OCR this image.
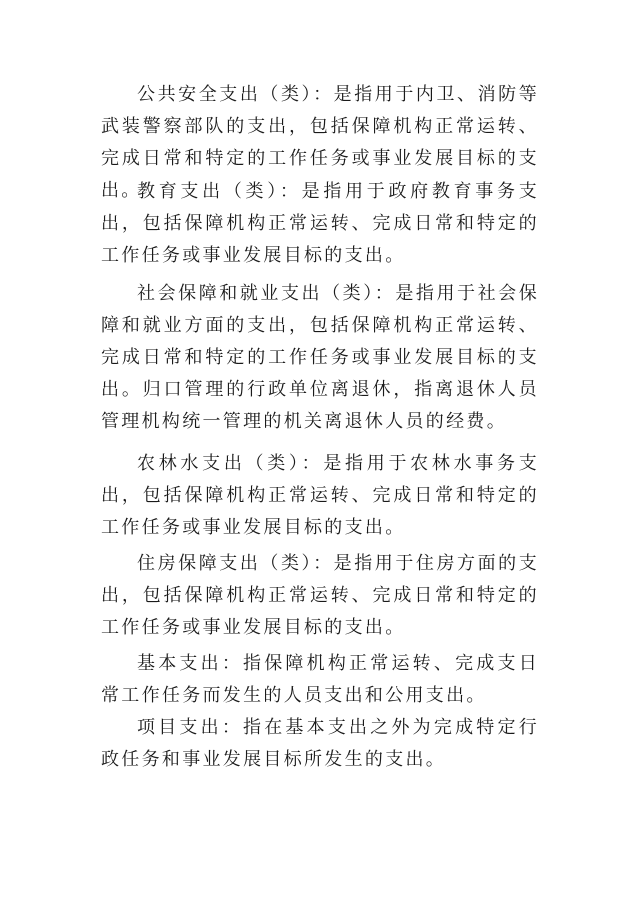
公共安全支出（类）：是指用于内卫、消防等武装警察部队的支出，包括保障机构正常运转、完成日常和特定的工作任务或事业发展目标的支出。

教育支出（类）：是指用于政府教育事务支出，包括保障机构正常运转、完成日常和特定的工作任务或事业发展目标的支出。

社会保障和就业支出（类）：是指用于社会保障和就业方面的支出，包括保障机构正常运转、完成日常和特定的工作任务或事业发展目标的支出。归口管理的行政单位离退休，指离退休人员管理机构统一管理的机关离退休人员的经费。

农林水支出（类）：是指用于农林水事务支出，包括保障机构正常运转、完成日常和特定的工作任务或事业发展目标的支出。

住房保障支出（类）：是指用于住房方面的支出，包括保障机构正常运转、完成日常和特定的工作任务或事业发展目标的支出。

基本支出：指保障机构正常运转、完成支日常工作任务而发生的人员支出和公用支出。

项目支出：指在基本支出之外为完成特定行政任务和事业发展目标所发生的支出。
